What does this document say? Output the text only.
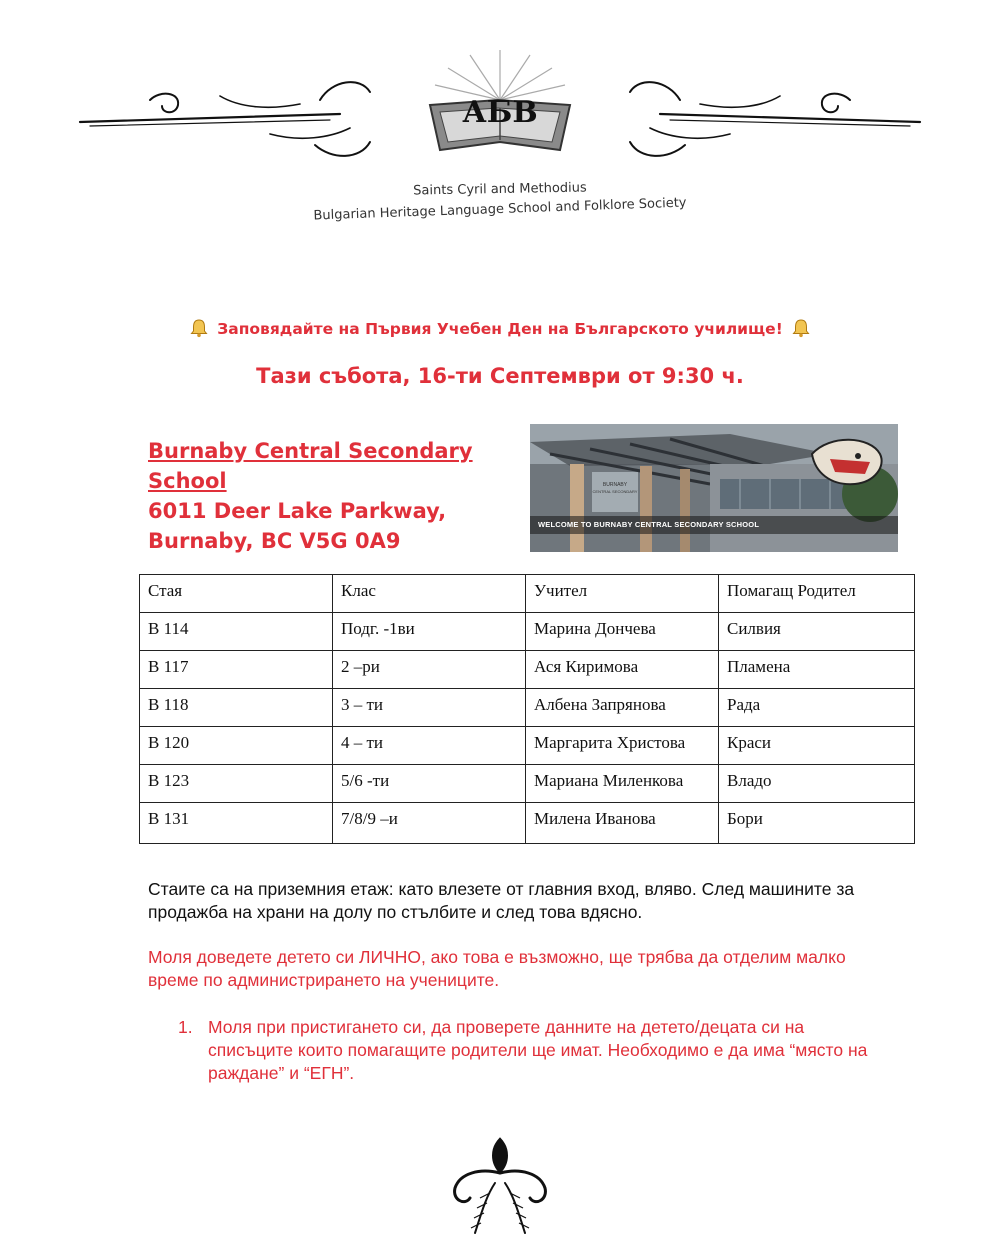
АБВ
Saints Cyril and Methodius
Bulgarian Heritage Language School and Folklore Society
Заповядайте на Първия Учебен Ден на Българското училище!
Тази събота, 16-ти Септември от 9:30 ч.
Burnaby Central Secondary School
6011 Deer Lake Parkway,
Burnaby, BC V5G 0A9
BURNABY
CENTRAL SECONDARY
WELCOME TO BURNABY CENTRAL SECONDARY SCHOOL
Стая	Клас	Учител	Помагащ Родител
B 114	Подг. -1ви	Марина Дончева	Силвия
B 117	2 –ри	Ася Киримова	Пламена
B 118	3 – ти	Албена Запрянова	Рада
B 120	4 – ти	Маргарита Христова	Краси
B 123	5/6 -ти	Мариана Миленкова	Владо
B 131	7/8/9 –и	Милена Иванова	Бори
Стаите са на приземния етаж: като влезете от главния вход, вляво. След машините за продажба на храни на долу по стълбите и след това вдясно.
Моля доведете детето си ЛИЧНО, ако това е възможно, ще трябва да отделим малко време по администрирането на учениците.
1. Моля при пристигането си, да проверете данните на детето/децата си на списъците които помагащите родители ще имат. Необходимо е да има “място на раждане” и “ЕГН”.
